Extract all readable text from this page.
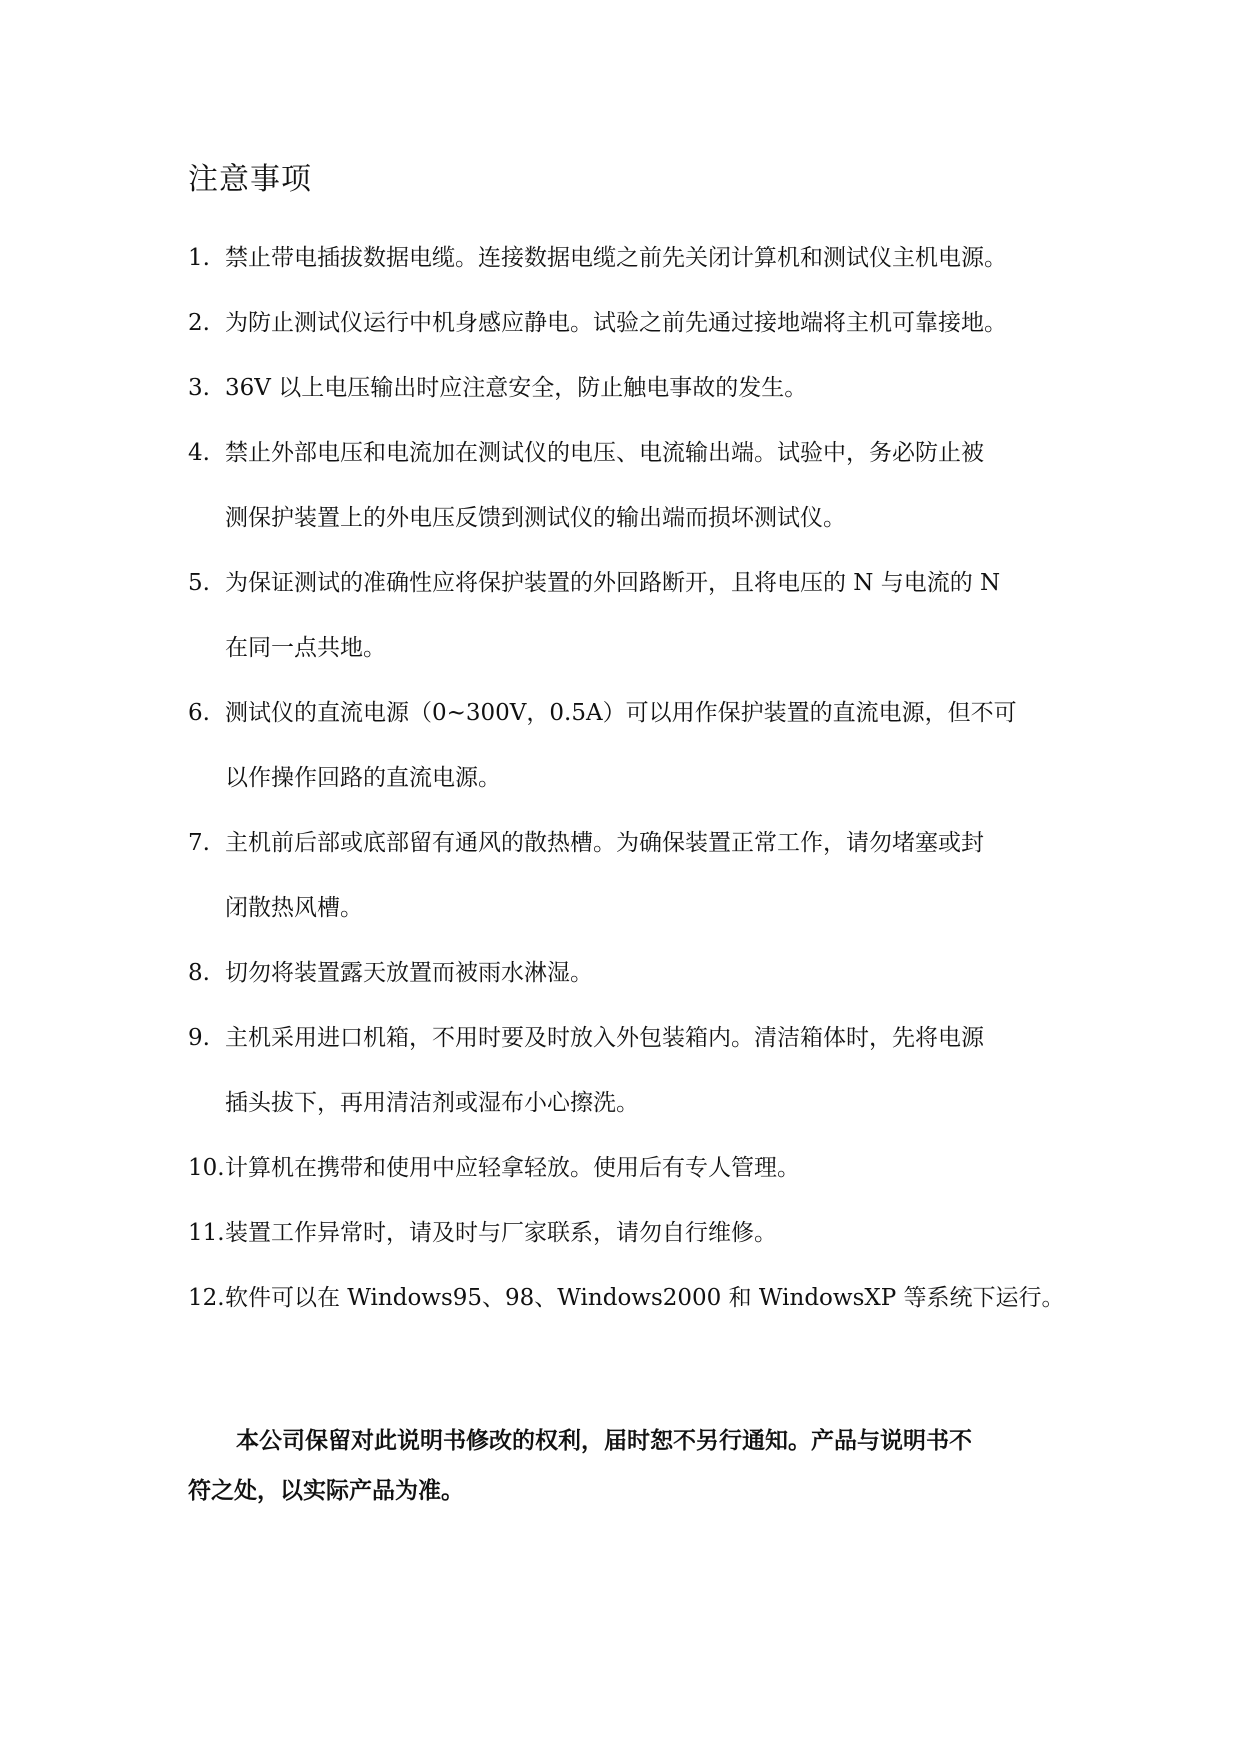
注意事项
1. 禁止带电插拔数据电缆。连接数据电缆之前先关闭计算机和测试仪主机电源。
2. 为防止测试仪运行中机身感应静电。试验之前先通过接地端将主机可靠接地。
3. 36V 以上电压输出时应注意安全，防止触电事故的发生。
4. 禁止外部电压和电流加在测试仪的电压、电流输出端。试验中，务必防止被
测保护装置上的外电压反馈到测试仪的输出端而损坏测试仪。
5. 为保证测试的准确性应将保护装置的外回路断开，且将电压的 N 与电流的 N
在同一点共地。
6. 测试仪的直流电源（0~300V，0.5A）可以用作保护装置的直流电源，但不可
以作操作回路的直流电源。
7. 主机前后部或底部留有通风的散热槽。为确保装置正常工作，请勿堵塞或封
闭散热风槽。
8. 切勿将装置露天放置而被雨水淋湿。
9. 主机采用进口机箱，不用时要及时放入外包装箱内。清洁箱体时，先将电源
插头拔下，再用清洁剂或湿布小心擦洗。
10. 计算机在携带和使用中应轻拿轻放。使用后有专人管理。
11. 装置工作异常时，请及时与厂家联系，请勿自行维修。
12. 软件可以在 Windows95、98、Windows2000 和 WindowsXP 等系统下运行。
本公司保留对此说明书修改的权利，届时恕不另行通知。产品与说明书不
符之处，以实际产品为准。
